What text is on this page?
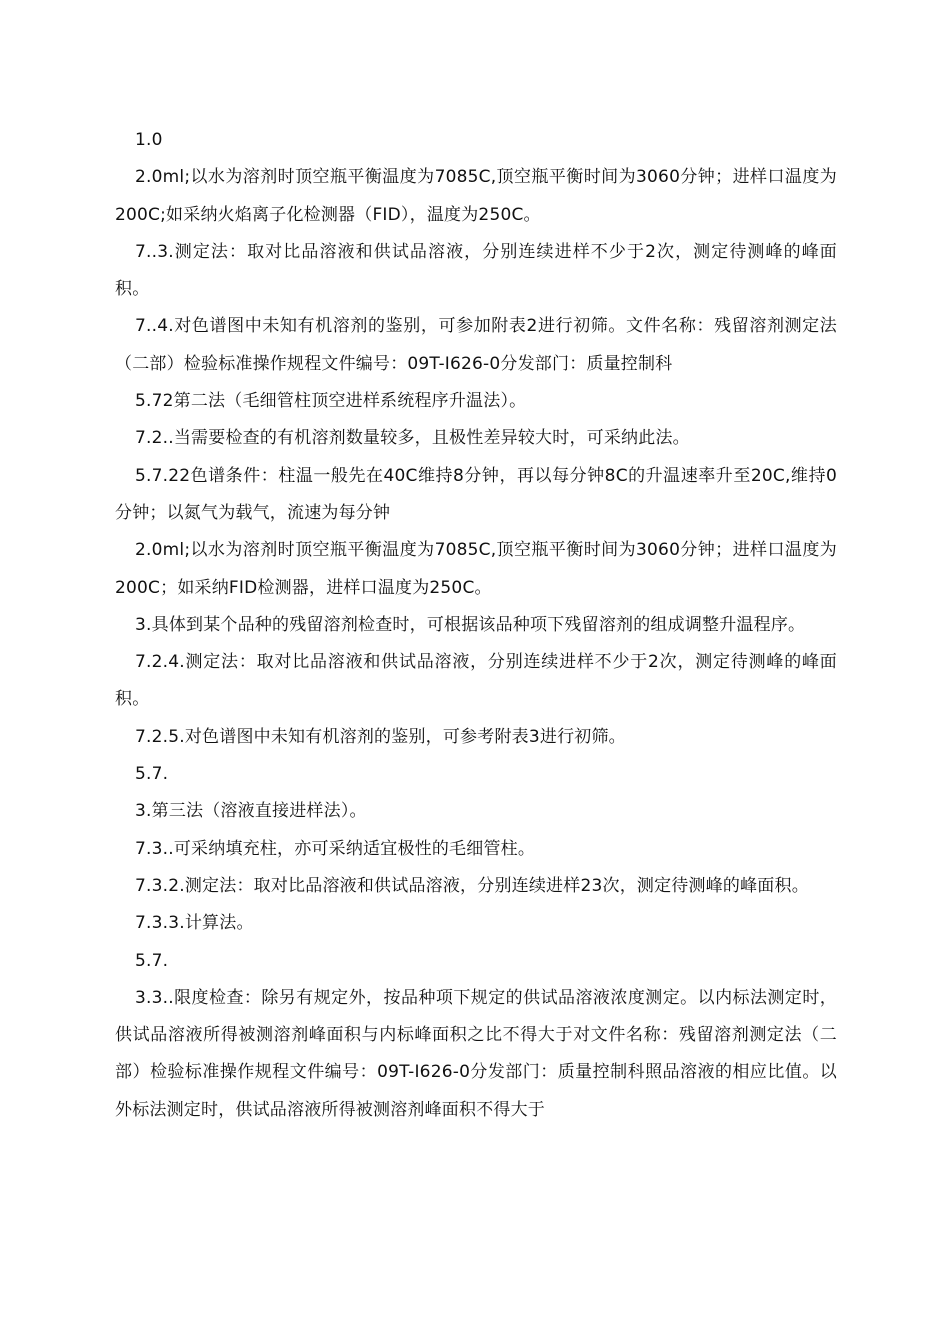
1.0

2.0ml;以水为溶剂时顶空瓶平衡温度为7085C,顶空瓶平衡时间为3060分钟；进样口温度为200C;如采纳火焰离子化检测器（FID），温度为250C。

7..3.测定法：取对比品溶液和供试品溶液，分别连续进样不少于2次，测定待测峰的峰面积。

7..4.对色谱图中未知有机溶剂的鉴别，可参加附表2进行初筛。文件名称：残留溶剂测定法（二部）检验标准操作规程文件编号：09T-I626-0分发部门：质量控制科

5.72第二法（毛细管柱顶空进样系统程序升温法）。

7.2..当需要检查的有机溶剂数量较多，且极性差异较大时，可采纳此法。

5.7.22色谱条件：柱温一般先在40C维持8分钟，再以每分钟8C的升温速率升至20C,维持0分钟；以氮气为载气，流速为每分钟

2.0ml;以水为溶剂时顶空瓶平衡温度为7085C,顶空瓶平衡时间为3060分钟；进样口温度为200C；如采纳FID检测器，进样口温度为250C。

3.具体到某个品种的残留溶剂检查时，可根据该品种项下残留溶剂的组成调整升温程序。

7.2.4.测定法：取对比品溶液和供试品溶液，分别连续进样不少于2次，测定待测峰的峰面积。

7.2.5.对色谱图中未知有机溶剂的鉴别，可参考附表3进行初筛。

5.7.

3.第三法（溶液直接进样法）。

7.3..可采纳填充柱，亦可采纳适宜极性的毛细管柱。

7.3.2.测定法：取对比品溶液和供试品溶液，分别连续进样23次，测定待测峰的峰面积。

7.3.3.计算法。

5.7.

3.3..限度检查：除另有规定外，按品种项下规定的供试品溶液浓度测定。以内标法测定时，供试品溶液所得被测溶剂峰面积与内标峰面积之比不得大于对文件名称：残留溶剂测定法（二部）检验标准操作规程文件编号：09T-I626-0分发部门：质量控制科照品溶液的相应比值。以外标法测定时，供试品溶液所得被测溶剂峰面积不得大于
